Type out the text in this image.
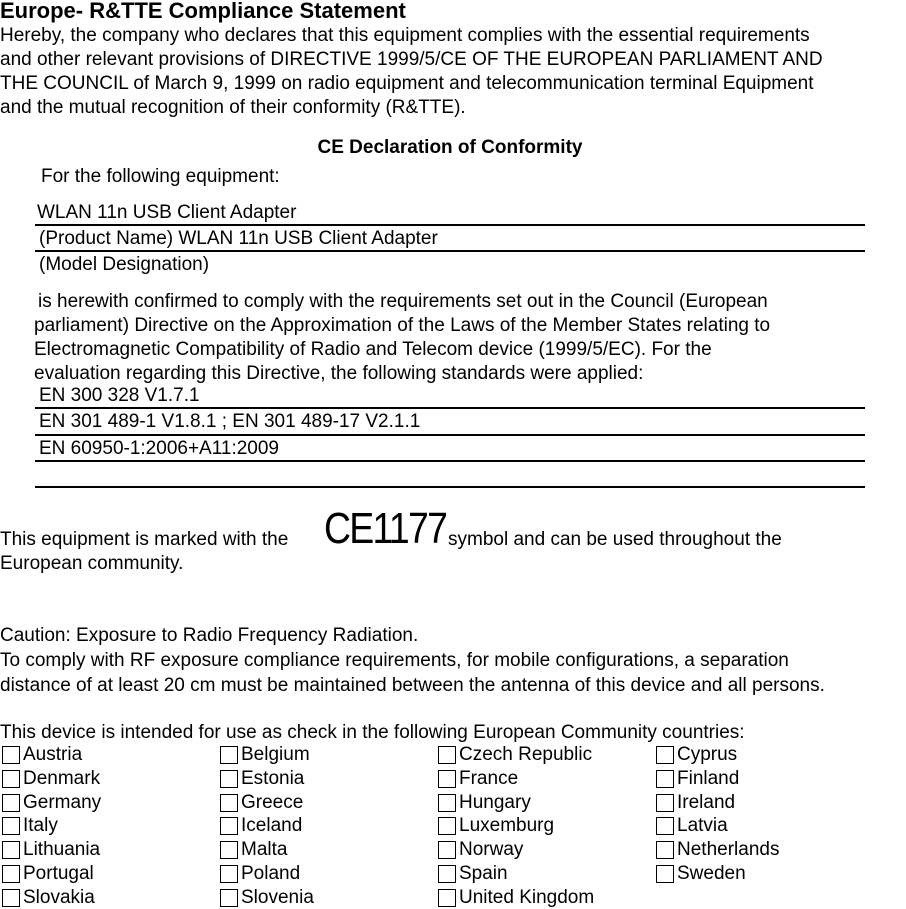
Europe- R&TTE Compliance Statement
Hereby, the company who declares that this equipment complies with the essential requirements
and other relevant provisions of DIRECTIVE 1999/5/CE OF THE EUROPEAN PARLIAMENT AND
THE COUNCIL of March 9, 1999 on radio equipment and telecommunication terminal Equipment
and the mutual recognition of their conformity (R&TTE).
CE Declaration of Conformity
For the following equipment:
WLAN 11n USB Client Adapter
(Product Name) WLAN 11n USB Client Adapter
(Model Designation)
is herewith confirmed to comply with the requirements set out in the Council (European
parliament) Directive on the Approximation of the Laws of the Member States relating to
Electromagnetic Compatibility of Radio and Telecom device (1999/5/EC). For the
evaluation regarding this Directive, the following standards were applied:
EN 300 328 V1.7.1
EN 301 489-1 V1.8.1 ; EN 301 489-17 V2.1.1
EN 60950-1:2006+A11:2009
This equipment is marked with the CE1177 symbol and can be used throughout the
European community.
Caution: Exposure to Radio Frequency Radiation.
To comply with RF exposure compliance requirements, for mobile configurations, a separation
distance of at least 20 cm must be maintained between the antenna of this device and all persons.
This device is intended for use as check in the following European Community countries:
Austria	Belgium	Czech Republic	Cyprus
Denmark	Estonia	France	Finland
Germany	Greece	Hungary	Ireland
Italy	Iceland	Luxemburg	Latvia
Lithuania	Malta	Norway	Netherlands
Portugal	Poland	Spain	Sweden
Slovakia	Slovenia	United Kingdom
